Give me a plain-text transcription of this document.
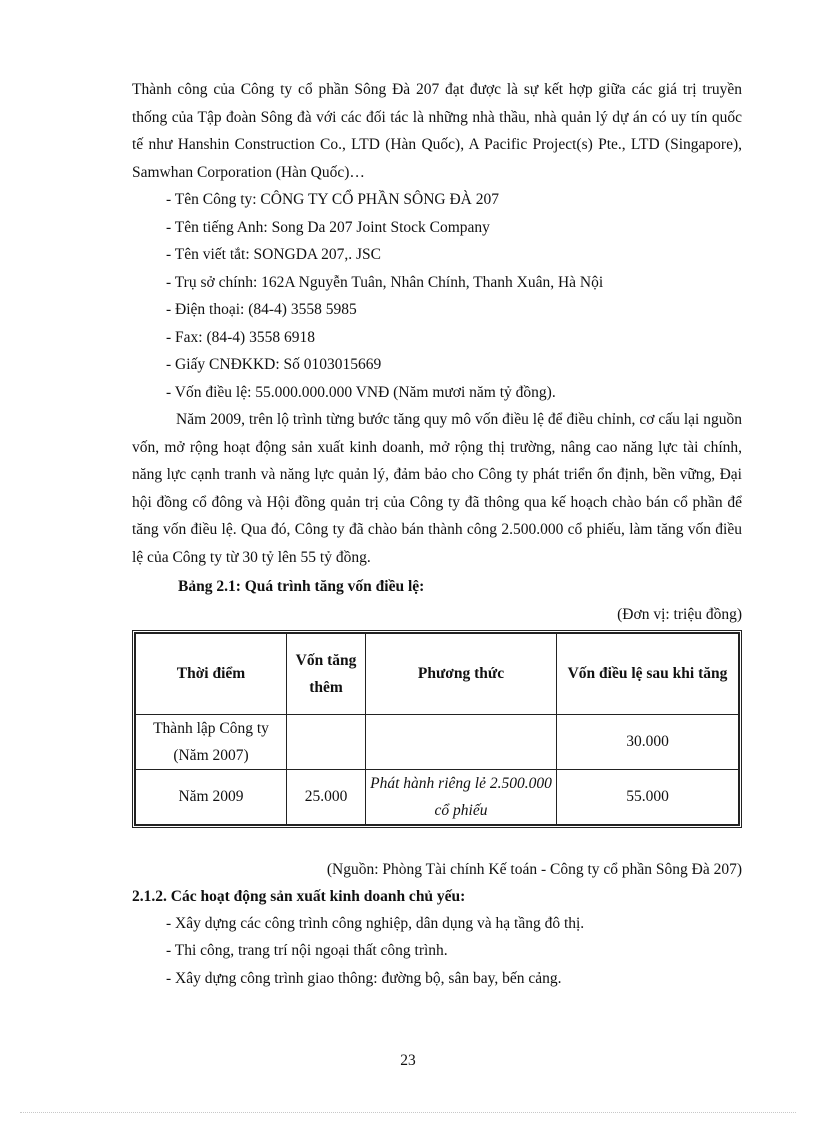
Thành công của Công ty cổ phần Sông Đà 207 đạt được là sự kết hợp giữa các giá trị truyền thống của Tập đoàn Sông đà với các đối tác là những nhà thầu, nhà quản lý dự án có uy tín quốc tế như Hanshin Construction Co., LTD (Hàn Quốc), A Pacific Project(s) Pte., LTD (Singapore), Samwhan Corporation (Hàn Quốc)…

- Tên Công ty: CÔNG TY CỔ PHẦN SÔNG ĐÀ 207

- Tên tiếng Anh: Song Da 207 Joint Stock Company

- Tên viết tắt: SONGDA 207,. JSC

- Trụ sở chính: 162A Nguyễn Tuân, Nhân Chính, Thanh Xuân, Hà Nội

- Điện thoại: (84-4) 3558 5985

- Fax: (84-4) 3558 6918

- Giấy CNĐKKD: Số 0103015669

- Vốn điều lệ: 55.000.000.000 VNĐ (Năm mươi năm tỷ đồng).

Năm 2009, trên lộ trình từng bước tăng quy mô vốn điều lệ để điều chỉnh, cơ cấu lại nguồn vốn, mở rộng hoạt động sản xuất kinh doanh, mở rộng thị trường, nâng cao năng lực tài chính, năng lực cạnh tranh và năng lực quản lý, đảm bảo cho Công ty phát triển ổn định, bền vững, Đại hội đồng cổ đông và Hội đồng quản trị của Công ty đã thông qua kế hoạch chào bán cổ phần để tăng vốn điều lệ. Qua đó, Công ty đã chào bán thành công 2.500.000 cổ phiếu, làm tăng vốn điều lệ của Công ty từ 30 tỷ lên 55 tỷ đồng.

Bảng 2.1: Quá trình tăng vốn điều lệ:

(Đơn vị: triệu đồng)

Thời điểm	Vốn tăng thêm	Phương thức	Vốn điều lệ sau khi tăng
Thành lập Công ty (Năm 2007)			30.000
Năm 2009	25.000	Phát hành riêng lẻ 2.500.000 cổ phiếu	55.000

(Nguồn: Phòng Tài chính Kế toán - Công ty cổ phần Sông Đà 207)

2.1.2. Các hoạt động sản xuất kinh doanh chủ yếu:

- Xây dựng các công trình công nghiệp, dân dụng và hạ tầng đô thị.

- Thi công, trang trí nội ngoại thất công trình.

- Xây dựng công trình giao thông: đường bộ, sân bay, bến cảng.

23
